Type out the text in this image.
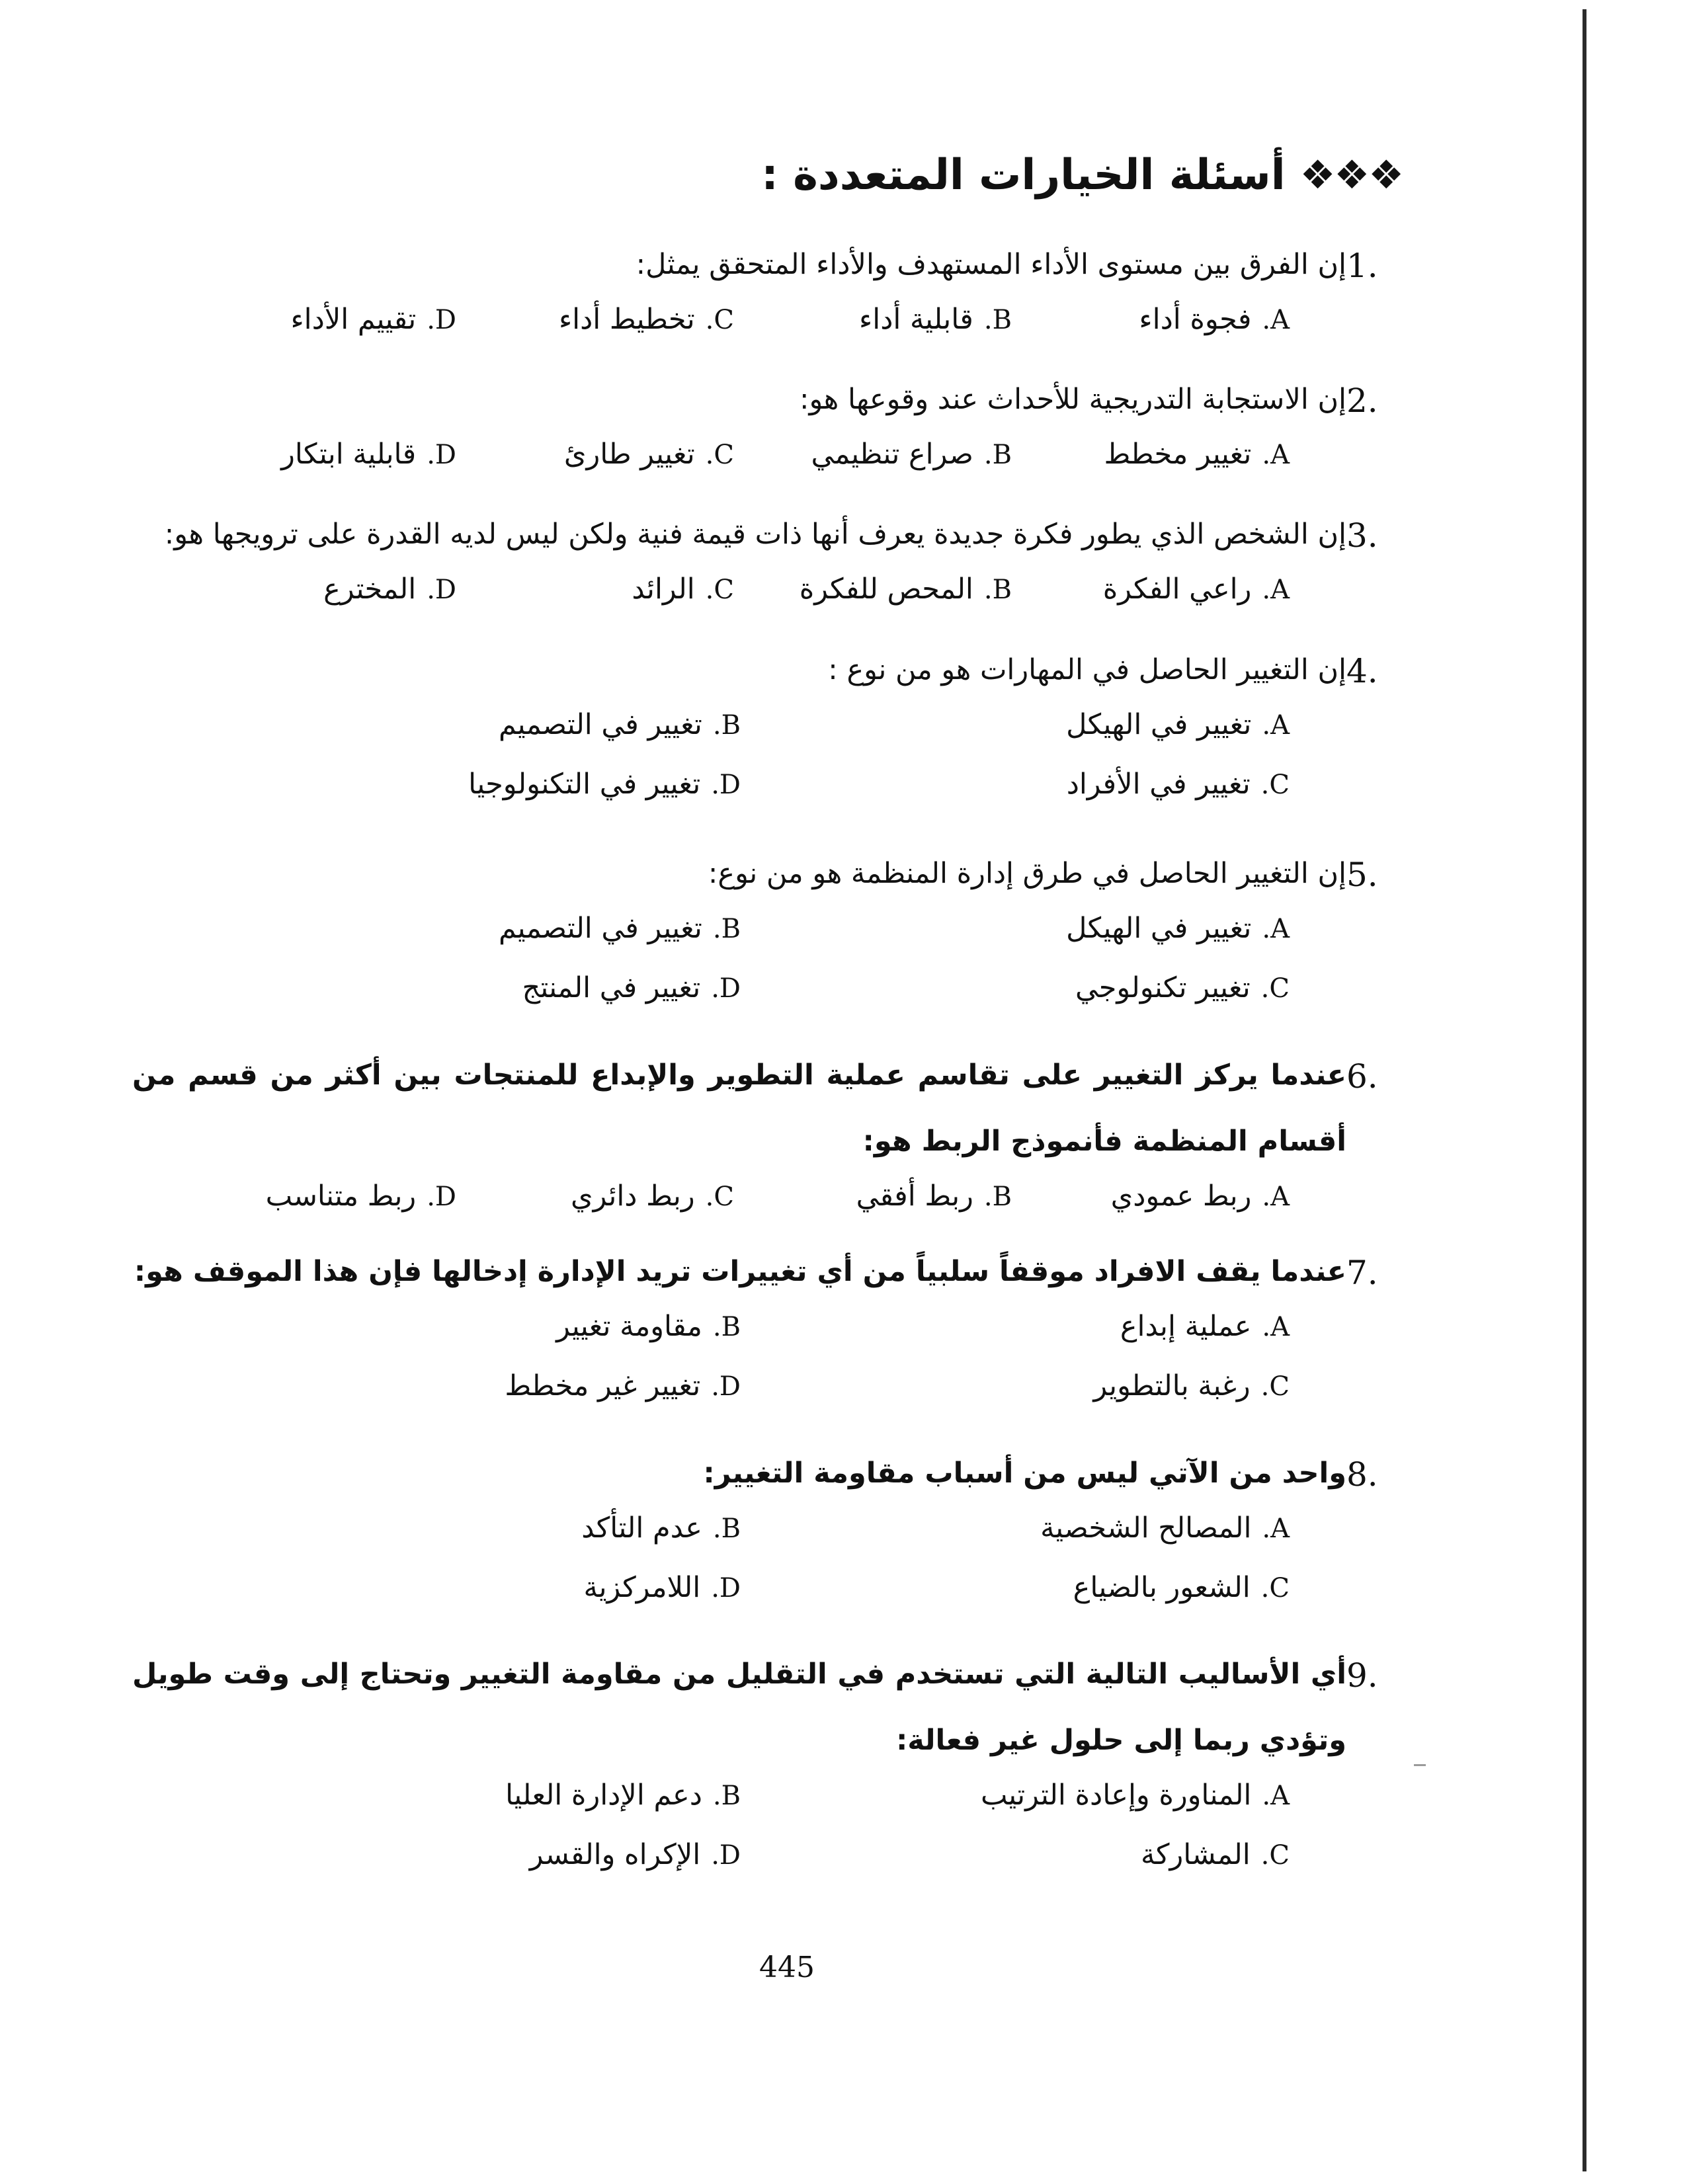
❖❖❖
أسئلة الخيارات المتعددة :
1.
إن الفرق بين مستوى الأداء المستهدف والأداء المتحقق يمثل:
A.
فجوة أداء
B.
قابلية أداء
C.
تخطيط أداء
D.
تقييم الأداء
2.
إن الاستجابة التدريجية للأحداث عند وقوعها هو:
A.
تغيير مخطط
B.
صراع تنظيمي
C.
تغيير طارئ
D.
قابلية ابتكار
3.
إن الشخص الذي يطور فكرة جديدة يعرف أنها ذات قيمة فنية ولكن ليس لديه القدرة على ترويجها هو:
A.
راعي الفكرة
B.
المحص للفكرة
C.
الرائد
D.
المخترع
4.
إن التغيير الحاصل في المهارات هو من نوع :
A.
تغيير في الهيكل
B.
تغيير في التصميم
C.
تغيير في الأفراد
D.
تغيير في التكنولوجيا
5.
إن التغيير الحاصل في طرق إدارة المنظمة هو من نوع:
A.
تغيير في الهيكل
B.
تغيير في التصميم
C.
تغيير تكنولوجي
D.
تغيير في المنتج
6.
عندما يركز التغيير على تقاسم عملية التطوير والإبداع للمنتجات بين أكثر من قسم من أقسام المنظمة فأنموذج الربط هو:
A.
ربط عمودي
B.
ربط أفقي
C.
ربط دائري
D.
ربط متناسب
7.
عندما يقف الافراد موقفاً سلبياً من أي تغييرات تريد الإدارة إدخالها فإن هذا الموقف هو:
A.
عملية إبداع
B.
مقاومة تغيير
C.
رغبة بالتطوير
D.
تغيير غير مخطط
8.
واحد من الآتي ليس من أسباب مقاومة التغيير:
A.
المصالح الشخصية
B.
عدم التأكد
C.
الشعور بالضياع
D.
اللامركزية
9.
أي الأساليب التالية التي تستخدم في التقليل من مقاومة التغيير وتحتاج إلى وقت طويل وتؤدي ربما إلى حلول غير فعالة:
A.
المناورة وإعادة الترتيب
B.
دعم الإدارة العليا
C.
المشاركة
D.
الإكراه والقسر
445
